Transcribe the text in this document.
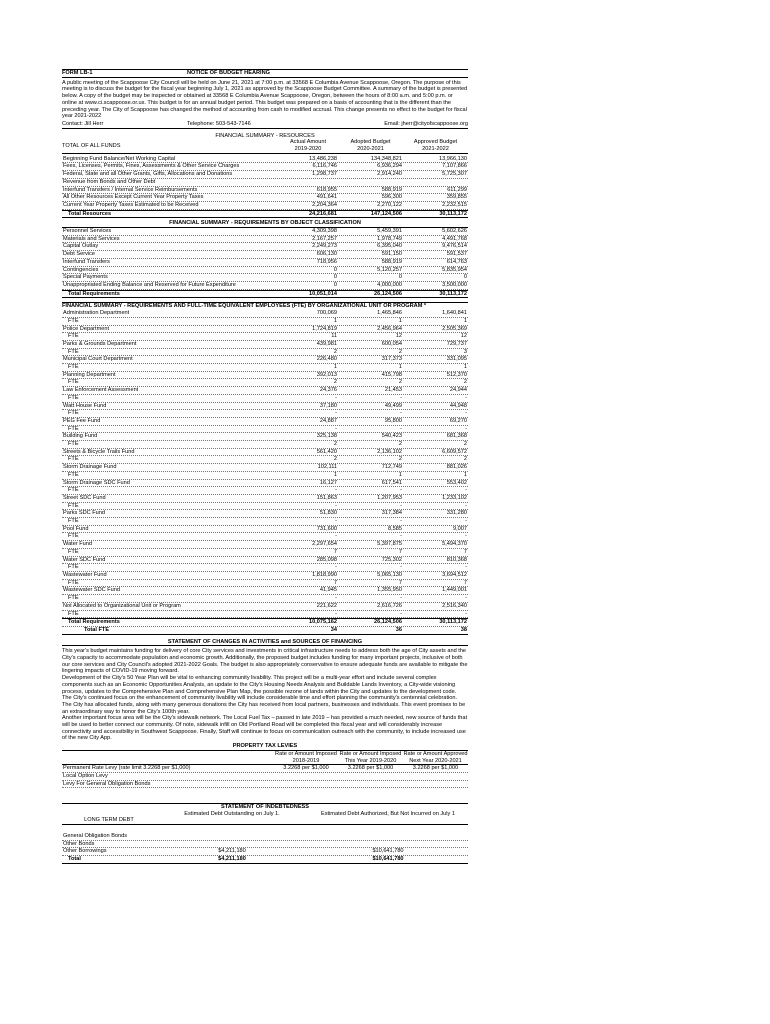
FORM LB-1	NOTICE OF BUDGET HEARING

A public meeting of the Scappoose City Council will be held on June 21, 2021 at 7:00 p.m. at 33568 E Columbia Avenue Scappoose, Oregon. The purpose of this meeting is to discuss the budget for the fiscal year beginning July 1, 2021 as approved by the Scappoose Budget Committee. A summary of the budget is presented below. A copy of the budget may be inspected or obtained at 33568 E Columbia Avenue Scappoose, Oregon, between the hours of 8:00 a.m. and 5:00 p.m. or online at www.ci.scappoose.or.us. This budget is for an annual budget period. This budget was prepared on a basis of accounting that is the different than the preceding year. The City of Scappoose has changed the method of accounting from cash to modified accrual. This change presents no effect to the budget for fiscal year 2021-2022

Contact: Jill Herr	Telephone: 503-543-7146	Email: jherr@cityofscappoose.org
FINANCIAL SUMMARY - RESOURCES
TOTAL OF ALL FUNDS
Actual Amount
2019-2020
Adopted Budget
2020-2021
Approved Budget
2021-2022
Beginning Fund Balance/Net Working Capital	13,486,238	134,348,821	13,966,130
Fees, Licenses, Permits, Fines, Assessments & Other Service Charges	6,116,746	6,936,294	7,107,866
Federal, State and all Other Grants, Gifts, Allocations and Donations	1,298,737	2,914,240	5,725,307
Revenue from Bonds and Other Debt
Interfund Transfers / Internal Service Reimbursements	618,955	588,919	611,299
All Other Resources Except Current Year Property Taxes	491,641	596,300	359,855
Current Year Property Taxes Estimated to be Received	2,204,364	2,270,122	2,232,515
Total Resources	24,216,681	147,124,506	30,113,172
FINANCIAL SUMMARY - REQUIREMENTS BY OBJECT CLASSIFICATION
Personnel Services	4,309,398	5,459,391	5,602,626
Materials and Services	2,167,257	1,978,749	4,491,768
Capital Outlay	2,249,273	6,395,040	9,476,514
Debt Service	606,130	591,150	591,537
Interfund Transfers	718,956	588,919	614,763
Contingencies	0	5,120,257	5,835,954
Special Payments	0	0	0
Unappropriated Ending Balance and Reserved for Future Expenditure	0	4,000,000	3,500,000
Total Requirements	10,051,014	26,124,506	30,113,172
FINANCIAL SUMMARY - REQUIREMENTS AND FULL-TIME EQUIVALENT EMPLOYEES (FTE) BY ORGANIZATIONAL UNIT OR PROGRAM *
Administration Department	700,069	1,465,846	1,640,841
FTE	1	1	1
Police Department	1,724,819	2,456,964	2,505,369
FTE	11	12	12
Parks & Grounds Department	439,981	600,054	729,737
FTE	2	2	3
Municipal Court Department	226,480	317,373	331,095
FTE	1	1	1
Planning Department	392,013	415,798	512,370
FTE	2	2	2
Law Enforcement Assessment	24,376	21,453	24,944
FTE	-	-	-
Watt House Fund	37,180	49,499	44,948
FTE	-	-	-
PEG Fee Fund	24,887	95,800	69,270
FTE	-	-	-
Building Fund	325,138	540,423	681,368
FTE	2	2	2
Streets & Bicycle Trails Fund	561,420	2,136,102	6,609,572
FTE	2	2	2
Storm Drainage Fund	102,111	712,749	881,026
FTE	1	1	1
Storm Drainage SDC Fund	16,127	617,541	553,402
FTE	-	-	-
Street SDC Fund	151,863	1,207,953	1,233,102
FTE	-	-	-
Parks SDC Fund	51,830	317,384	331,280
FTE	-	-	-
Pool Fund	731,600	8,585	9,007
FTE	-	-	-
Water Fund	2,297,654	5,397,875	5,494,370
FTE	7	7	7
Water SDC Fund	285,098	725,302	810,368
FTE	-	-	-
Wastewater Fund	1,818,990	5,065,130	3,694,512
FTE	7	7	7
Wastewater SDC Fund	41,945	1,355,950	1,449,001
FTE	-	-	-
Not Allocated to Organizational Unit or Program	221,622	2,616,726	2,516,340
FTE	-	-	-
Total Requirements	10,075,162	26,124,506	30,113,172
Total FTE	34	36	38
STATEMENT OF CHANGES IN ACTIVITIES and SOURCES OF FINANCING

This year's budget maintains funding for delivery of core City services and investments in critical infrastructure needs to address both the age of City assets and the City's capacity to accommodate population and economic growth. Additionally, the proposed budget includes funding for many important projects, inclusive of both our core services and City Council's adopted 2021-2022 Goals. The budget is also appropriately conservative to ensure adequate funds are available to mitigate the lingering impacts of COVID-19 moving forward.

Development of the City's 50 Year Plan will be vital to enhancing community livability. This project will be a multi-year effort and include several complex components such as an Economic Opportunities Analysis, an update to the City's Housing Needs Analysis and Buildable Lands Inventory, a City-wide visioning process, updates to the Comprehensive Plan and Comprehensive Plan Map, the possible rezone of lands within the City and updates to the development code.

The City's continued focus on the enhancement of community livability will include considerable time and effort planning the community's centennial celebration. The City has allocated funds, along with many generous donations the City has received from local partners, businesses and individuals. This event promises to be an extraordinary way to honor the City's 100th year.

Another important focus area will be the City's sidewalk network. The Local Fuel Tax – passed in late 2019 – has provided a much needed, new source of funds that will be used to better connect our community. Of note, sidewalk infill on Old Portland Road will be completed this fiscal year and will considerably increase connectivity and accessibility in Southwest Scappoose. Finally, Staff will continue to focus on communication outreach with the community, to include increased use of the new City App.

PROPERTY TAX LEVIES
Rate or Amount Imposed 2018-2019
Rate or Amount Imposed This Year 2019-2020
Rate or Amount Approved Next Year 2020-2021
Permanent Rate Levy (rate limit 3.2268 per $1,000)	3.2268 per $1,000	3.2268 per $1,000	3.2268 per $1,000
Local Option Levy
Levy For General Obligation Bonds
STATEMENT OF INDEBTEDNESS
LONG TERM DEBT
Estimated Debt Outstanding on July 1.	Estimated Debt Authorized, But Not Incurred on July 1
General Obligation Bonds
Other Bonds
Other Borrowings	$4,211,180	$10,641,780
Total	$4,211,180	$10,641,780
